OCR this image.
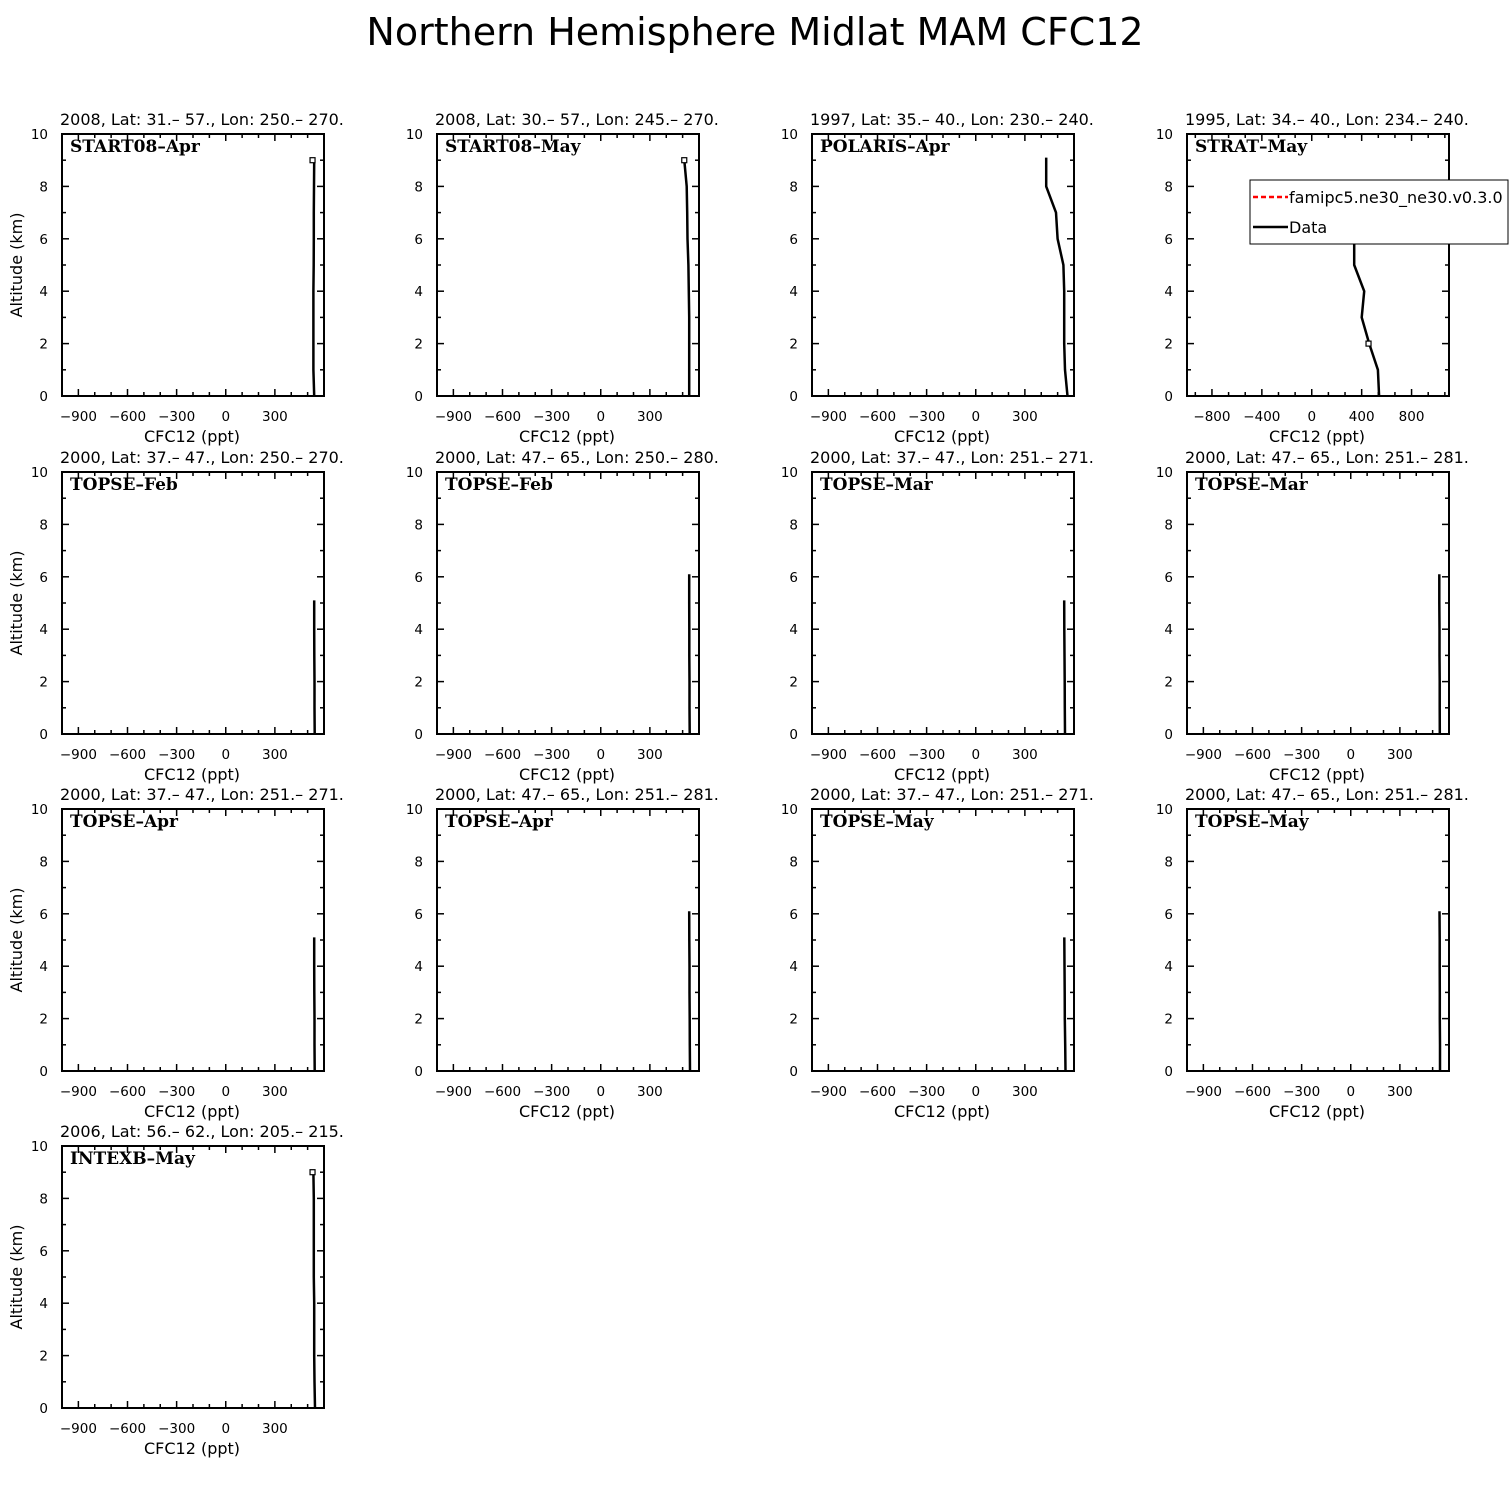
Northern Hemisphere Midlat MAM CFC12
2008, Lat: 31.– 57., Lon: 250.– 270.
0
2
4
6
8
10
−900 −600 −300 0 300
CFC12 (ppt)
Altitude (km)
START08–Apr
2008, Lat: 30.– 57., Lon: 245.– 270.
0
2
4
6
8
10
−900 −600 −300 0 300
CFC12 (ppt)
START08–May
1997, Lat: 35.– 40., Lon: 230.– 240.
0
2
4
6
8
10
−900 −600 −300 0 300
CFC12 (ppt)
POLARIS–Apr
1995, Lat: 34.– 40., Lon: 234.– 240.
0
2
4
6
8
10
−800 −400 0 400 800
CFC12 (ppt)
STRAT–May
famipc5.ne30_ne30.v0.3.0
Data
2000, Lat: 37.– 47., Lon: 250.– 270.
0
2
4
6
8
10
−900 −600 −300 0 300
CFC12 (ppt)
Altitude (km)
TOPSE–Feb
2000, Lat: 47.– 65., Lon: 250.– 280.
0
2
4
6
8
10
−900 −600 −300 0 300
CFC12 (ppt)
TOPSE–Feb
2000, Lat: 37.– 47., Lon: 251.– 271.
0
2
4
6
8
10
−900 −600 −300 0 300
CFC12 (ppt)
TOPSE–Mar
2000, Lat: 47.– 65., Lon: 251.– 281.
0
2
4
6
8
10
−900 −600 −300 0 300
CFC12 (ppt)
TOPSE–Mar
2000, Lat: 37.– 47., Lon: 251.– 271.
0
2
4
6
8
10
−900 −600 −300 0 300
CFC12 (ppt)
Altitude (km)
TOPSE–Apr
2000, Lat: 47.– 65., Lon: 251.– 281.
0
2
4
6
8
10
−900 −600 −300 0 300
CFC12 (ppt)
TOPSE–Apr
2000, Lat: 37.– 47., Lon: 251.– 271.
0
2
4
6
8
10
−900 −600 −300 0 300
CFC12 (ppt)
TOPSE–May
2000, Lat: 47.– 65., Lon: 251.– 281.
0
2
4
6
8
10
−900 −600 −300 0 300
CFC12 (ppt)
TOPSE–May
2006, Lat: 56.– 62., Lon: 205.– 215.
0
2
4
6
8
10
−900 −600 −300 0 300
CFC12 (ppt)
Altitude (km)
INTEXB–May
